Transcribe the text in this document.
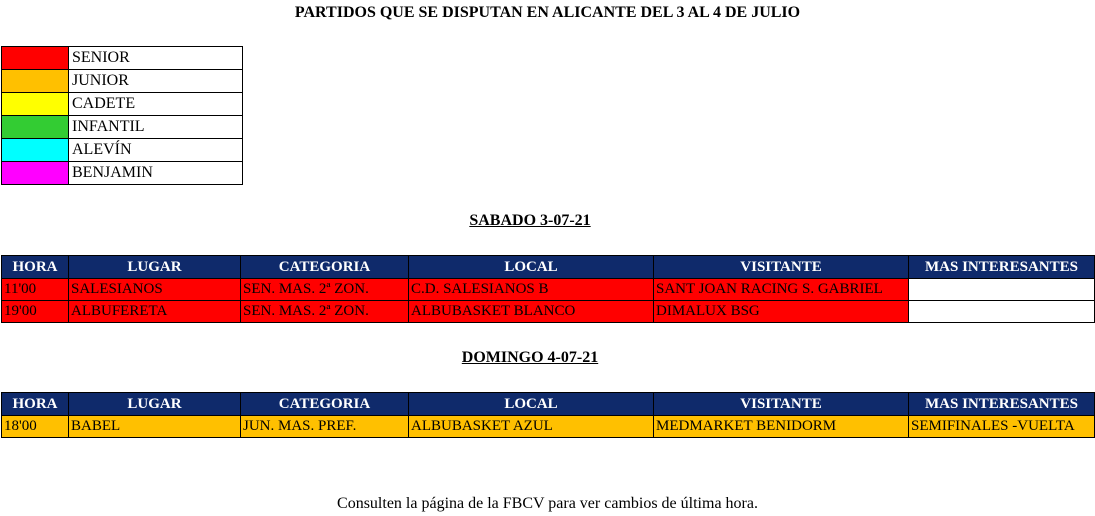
PARTIDOS QUE SE DISPUTAN EN ALICANTE DEL 3 AL 4 DE JULIO
	SENIOR
	JUNIOR
	CADETE
	INFANTIL
	ALEVÍN
	BENJAMIN
SABADO 3-07-21
HORA	LUGAR	CATEGORIA	LOCAL	VISITANTE	MAS INTERESANTES
11'00	SALESIANOS	SEN. MAS. 2ª ZON.	C.D. SALESIANOS B	SANT JOAN RACING S. GABRIEL	
19'00	ALBUFERETA	SEN. MAS. 2ª ZON.	ALBUBASKET BLANCO	DIMALUX BSG	
DOMINGO 4-07-21
HORA	LUGAR	CATEGORIA	LOCAL	VISITANTE	MAS INTERESANTES
18'00	BABEL	JUN. MAS. PREF.	ALBUBASKET AZUL	MEDMARKET BENIDORM	SEMIFINALES -VUELTA
Consulten la página de la FBCV para ver cambios de última hora.
